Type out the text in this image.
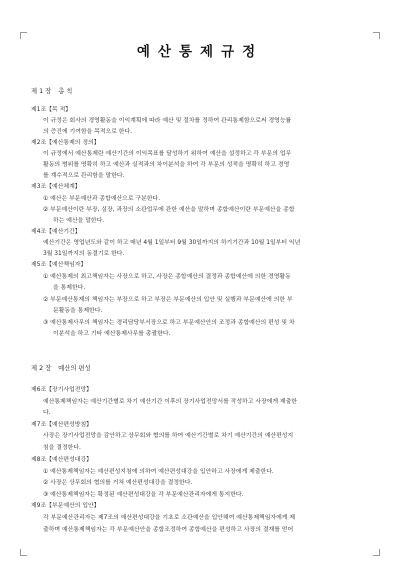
예산통제규정
제 1 장 총 칙
제1조【목 적】
이 규정은 회사의 경영활동을 이익계획에 따라 예산 및 절차를 정하여 관리통제함으로써 경영능률
의 증진에 기여함을 목적으로 한다.
제2조【예산통제의 정의】
이 규정에서 예산통제란 예산기간의 이익목표를 달성하기 위하여 예산을 설정하고 각 부문의 업무
활동의 범위를 명확히 하고 예산과 실적과의 차이분석을 하여 각 부문의 성적을 명확히 하고 경영
를 계수적으로 관리함을 말한다.
제3조【예산체계】
① 예산은 부문예산과 종합예산으로 구분한다.
② 부문예산이란 부장, 실장, 과장의 소관업무에 관한 예산을 말하며 종합예산이란 부문예산을 종합
하는 예산을 말한다.
제4조【예산기간】
예산기간은 영업년도와 같이 하고 매년 4월 1일부터 9월 30일까지의 하기기간과 10월 1일부터 익년
3월 31일까지의 동결기로 한다.
제5조【예산책임자】
① 예산통제의 최고책임자는 사장으로 하고, 사장은 종합예산의 결정과 종합예산에 의한 경영활동
을 통제한다.
② 부문예산통제의 책임자는 부장으로 하고 부장은 부문예산의 입안 및 실행과 부문예산에 의한 부
문활동을 통제한다.
③ 예산통제사무의 책임자는 경리담당부서장으로 하고 부문예산안의 조정과 종합예산의 편성 및 차
이분석을 하고 기타 예산통제사무를 총괄한다.
제 2 장 예산의 편성
제6조【장기사업전망】
예산통제책임자는 예산기간별로 차기 예산기간 이후의 장기사업전망서를 작성하고 사장에게 제출한
다.
제7조【예산편성방침】
사장은 장기사업전망을 감안하고 상무회와 협의를 하여 예산기간별로 차기 예산기간의 예산편성지
침을 결정한다.
제8조【예산편성대강】
① 예산통제책임자는 예산편성지침에 의하여 예산편성대강을 입안하고 사장에게 제출한다.
② 사장은 상무회의 협의를 거쳐 예산편성대강을 결정한다.
③ 예산통제책임자는 확정된 예산편성대강을 각 부문예산관리자에게 통지한다.
제9조【부문예산의 입안】
각 부문예산관리자는 제7조의 예산편성대강을 기초로 소관예산을 입안해여 예산통제책임자에게 제
출하며 예산통제책임자는 각 부문예산안을 종합조정하여 종합예산을 편성하고 사장의 결재를 얻어
